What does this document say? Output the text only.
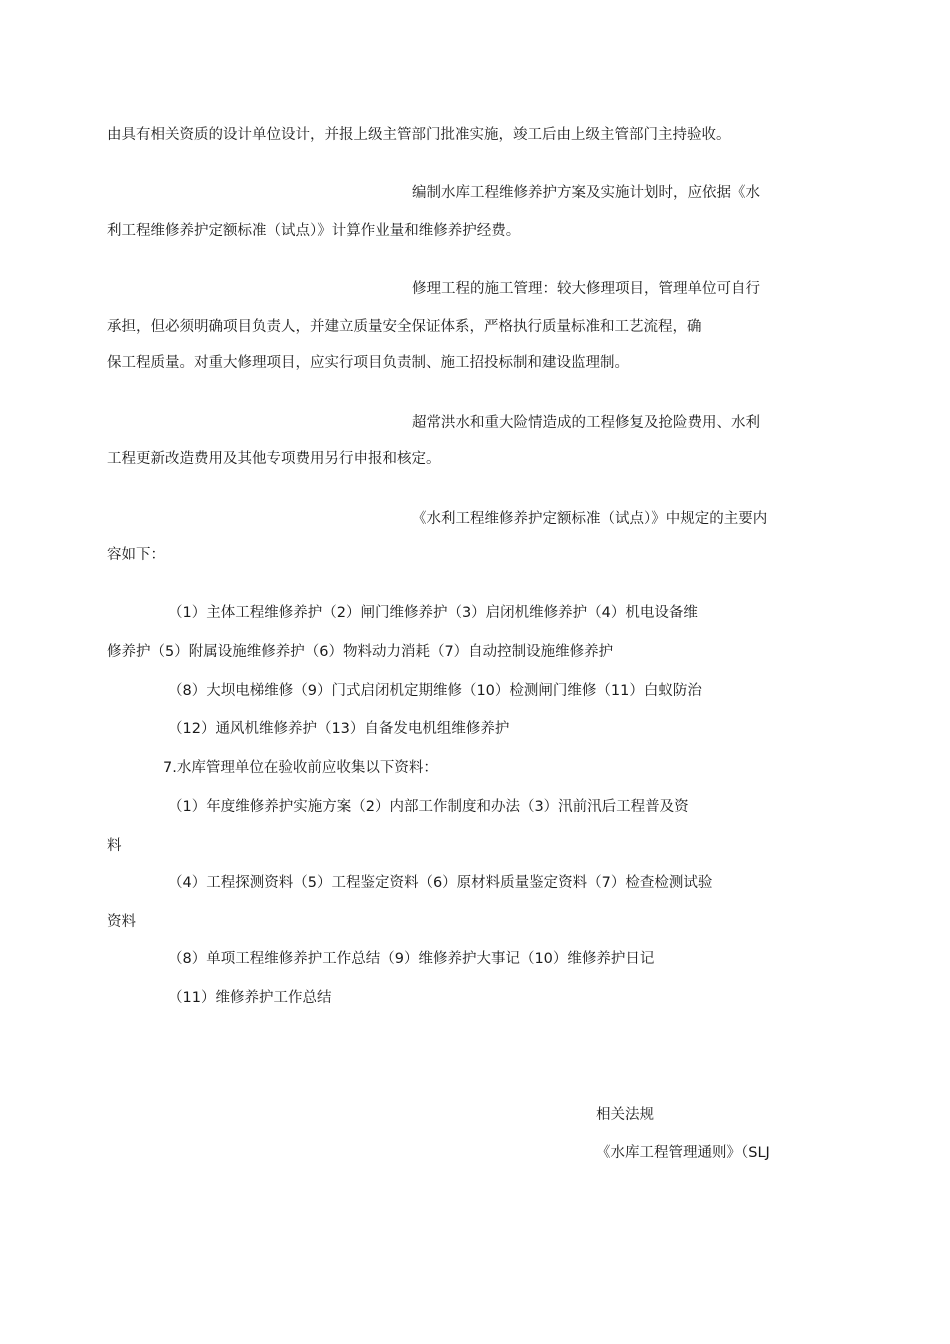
由具有相关资质的设计单位设计，并报上级主管部门批准实施，竣工后由上级主管部门主持验收。
编制水库工程维修养护方案及实施计划时，应依据《水
利工程维修养护定额标准（试点）》计算作业量和维修养护经费。
修理工程的施工管理：较大修理项目，管理单位可自行
承担，但必须明确项目负责人，并建立质量安全保证体系，严格执行质量标准和工艺流程，确
保工程质量。对重大修理项目，应实行项目负责制、施工招投标制和建设监理制。
超常洪水和重大险情造成的工程修复及抢险费用、水利
工程更新改造费用及其他专项费用另行申报和核定。
《水利工程维修养护定额标准（试点）》中规定的主要内
容如下：
（1）主体工程维修养护（2）闸门维修养护（3）启闭机维修养护（4）机电设备维
修养护（5）附属设施维修养护（6）物料动力消耗（7）自动控制设施维修养护
（8）大坝电梯维修（9）门式启闭机定期维修（10）检测闸门维修（11）白蚁防治
（12）通风机维修养护（13）自备发电机组维修养护
7.水库管理单位在验收前应收集以下资料：
（1）年度维修养护实施方案（2）内部工作制度和办法（3）汛前汛后工程普及资
料
（4）工程探测资料（5）工程鉴定资料（6）原材料质量鉴定资料（7）检查检测试验
资料
（8）单项工程维修养护工作总结（9）维修养护大事记（10）维修养护日记
（11）维修养护工作总结
相关法规
《水库工程管理通则》（SLJ
